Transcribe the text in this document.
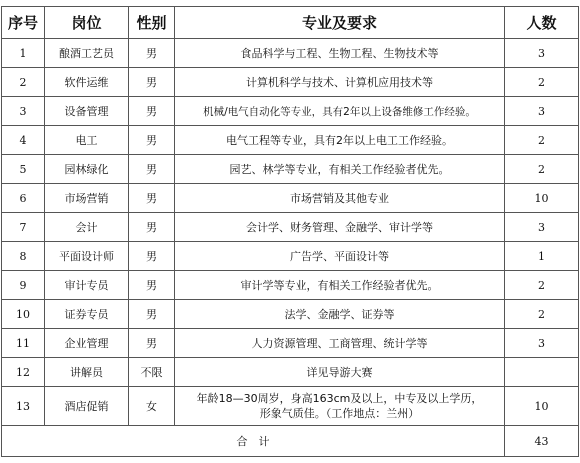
序号	岗位	性别	专业及要求	人数
1	酿酒工艺员	男	食品科学与工程、生物工程、生物技术等	3
2	软件运维	男	计算机科学与技术、计算机应用技术等	2
3	设备管理	男	机械/电气自动化等专业，具有2年以上设备维修工作经验。	3
4	电工	男	电气工程等专业，具有2年以上电工工作经验。	2
5	园林绿化	男	园艺、林学等专业，有相关工作经验者优先。	2
6	市场营销	男	市场营销及其他专业	10
7	会计	男	会计学、财务管理、金融学、审计学等	3
8	平面设计师	男	广告学、平面设计等	1
9	审计专员	男	审计学等专业，有相关工作经验者优先。	2
10	证券专员	男	法学、金融学、证券等	2
11	企业管理	男	人力资源管理、工商管理、统计学等	3
12	讲解员	不限	详见导游大赛	
13	酒店促销	女	年龄18—30周岁，身高163cm及以上，中专及以上学历，
形象气质佳。（工作地点：兰州）	10
合　计				43
